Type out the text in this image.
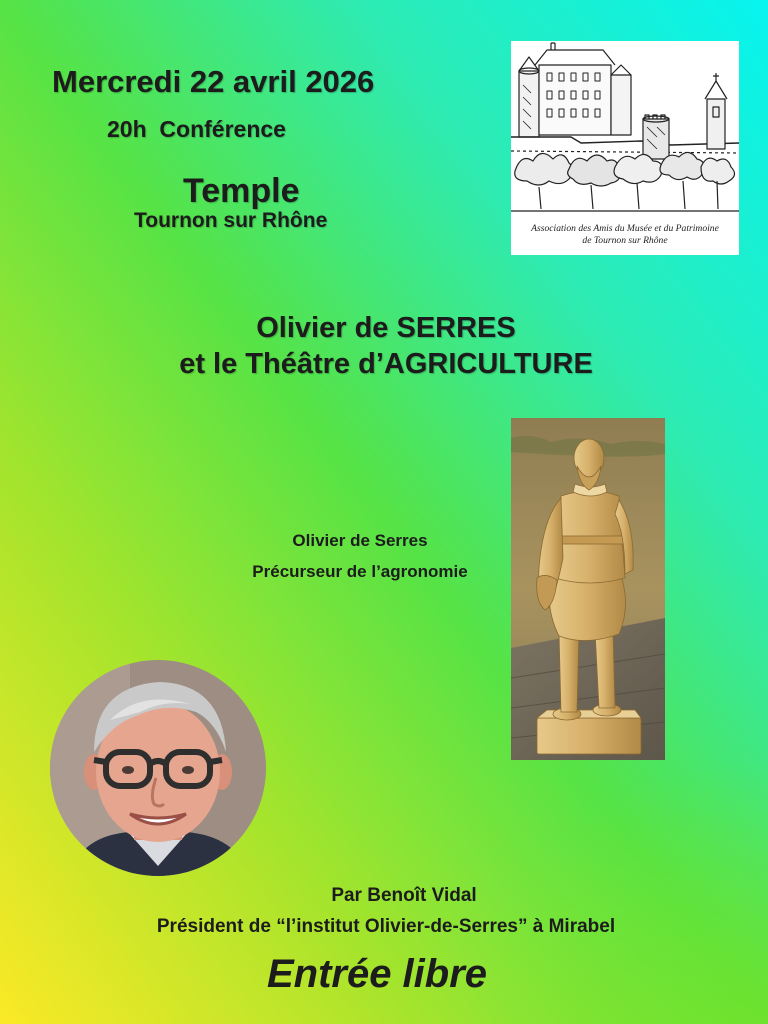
Mercredi 22 avril 2026
20h  Conférence
Temple
Tournon sur Rhône	Association des Amis du Musée et du Patrimoine
de Tournon sur Rhône
Olivier de SERRES
et le Théâtre d’AGRICULTURE
Olivier de Serres
Précurseur de l’agronomie
Par Benoît Vidal
Président de “l’institut Olivier-de-Serres” à Mirabel
Entrée libre
